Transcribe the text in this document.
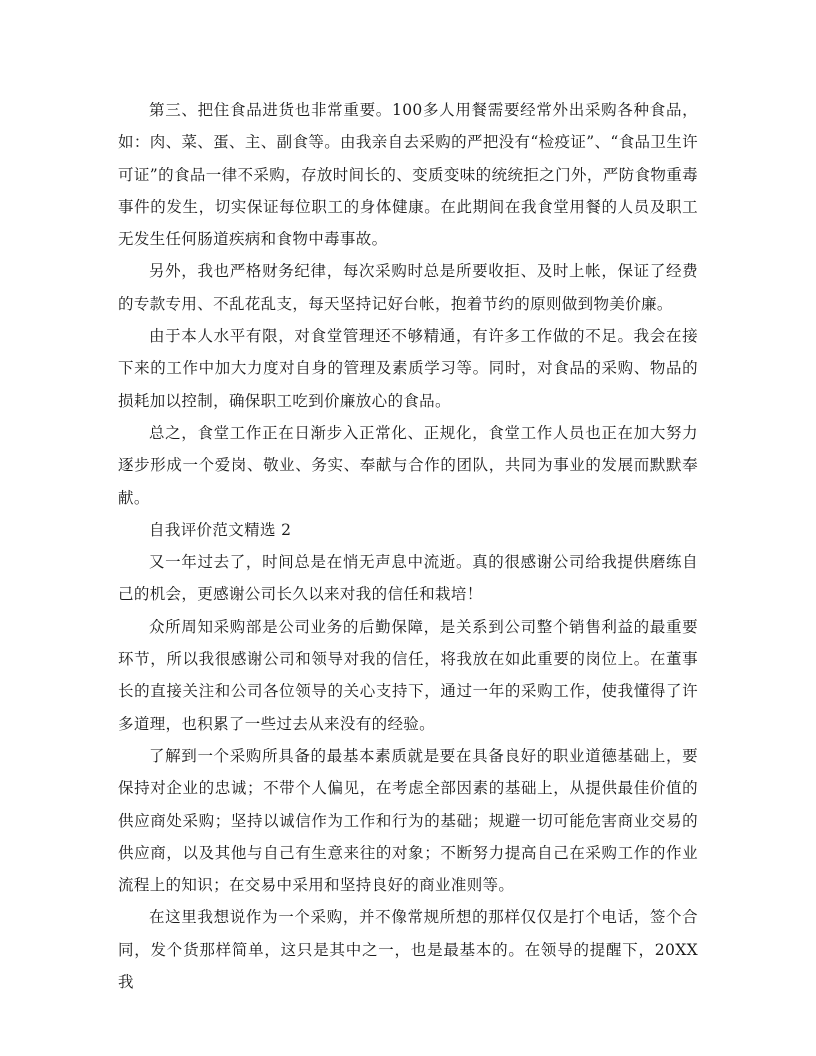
第三、把住食品进货也非常重要。100多人用餐需要经常外出采购各种食品，如：肉、菜、蛋、主、副食等。由我亲自去采购的严把没有“检疫证”、“食品卫生许可证”的食品一律不采购，存放时间长的、变质变味的统统拒之门外，严防食物重毒事件的发生，切实保证每位职工的身体健康。在此期间在我食堂用餐的人员及职工无发生任何肠道疾病和食物中毒事故。

另外，我也严格财务纪律，每次采购时总是所要收拒、及时上帐，保证了经费的专款专用、不乱花乱支，每天坚持记好台帐，抱着节约的原则做到物美价廉。

由于本人水平有限，对食堂管理还不够精通，有许多工作做的不足。我会在接下来的工作中加大力度对自身的管理及素质学习等。同时，对食品的采购、物品的损耗加以控制，确保职工吃到价廉放心的食品。

总之，食堂工作正在日渐步入正常化、正规化，食堂工作人员也正在加大努力逐步形成一个爱岗、敬业、务实、奉献与合作的团队，共同为事业的发展而默默奉献。

自我评价范文精选 2

又一年过去了，时间总是在悄无声息中流逝。真的很感谢公司给我提供磨练自己的机会，更感谢公司长久以来对我的信任和栽培！

众所周知采购部是公司业务的后勤保障，是关系到公司整个销售利益的最重要环节，所以我很感谢公司和领导对我的信任，将我放在如此重要的岗位上。在董事长的直接关注和公司各位领导的关心支持下，通过一年的采购工作，使我懂得了许多道理，也积累了一些过去从来没有的经验。

了解到一个采购所具备的最基本素质就是要在具备良好的职业道德基础上，要保持对企业的忠诚；不带个人偏见，在考虑全部因素的基础上，从提供最佳价值的供应商处采购；坚持以诚信作为工作和行为的基础；规避一切可能危害商业交易的供应商，以及其他与自己有生意来往的对象；不断努力提高自己在采购工作的作业流程上的知识；在交易中采用和坚持良好的商业准则等。

在这里我想说作为一个采购，并不像常规所想的那样仅仅是打个电话，签个合同，发个货那样简单，这只是其中之一，也是最基本的。在领导的提醒下，20XX我
